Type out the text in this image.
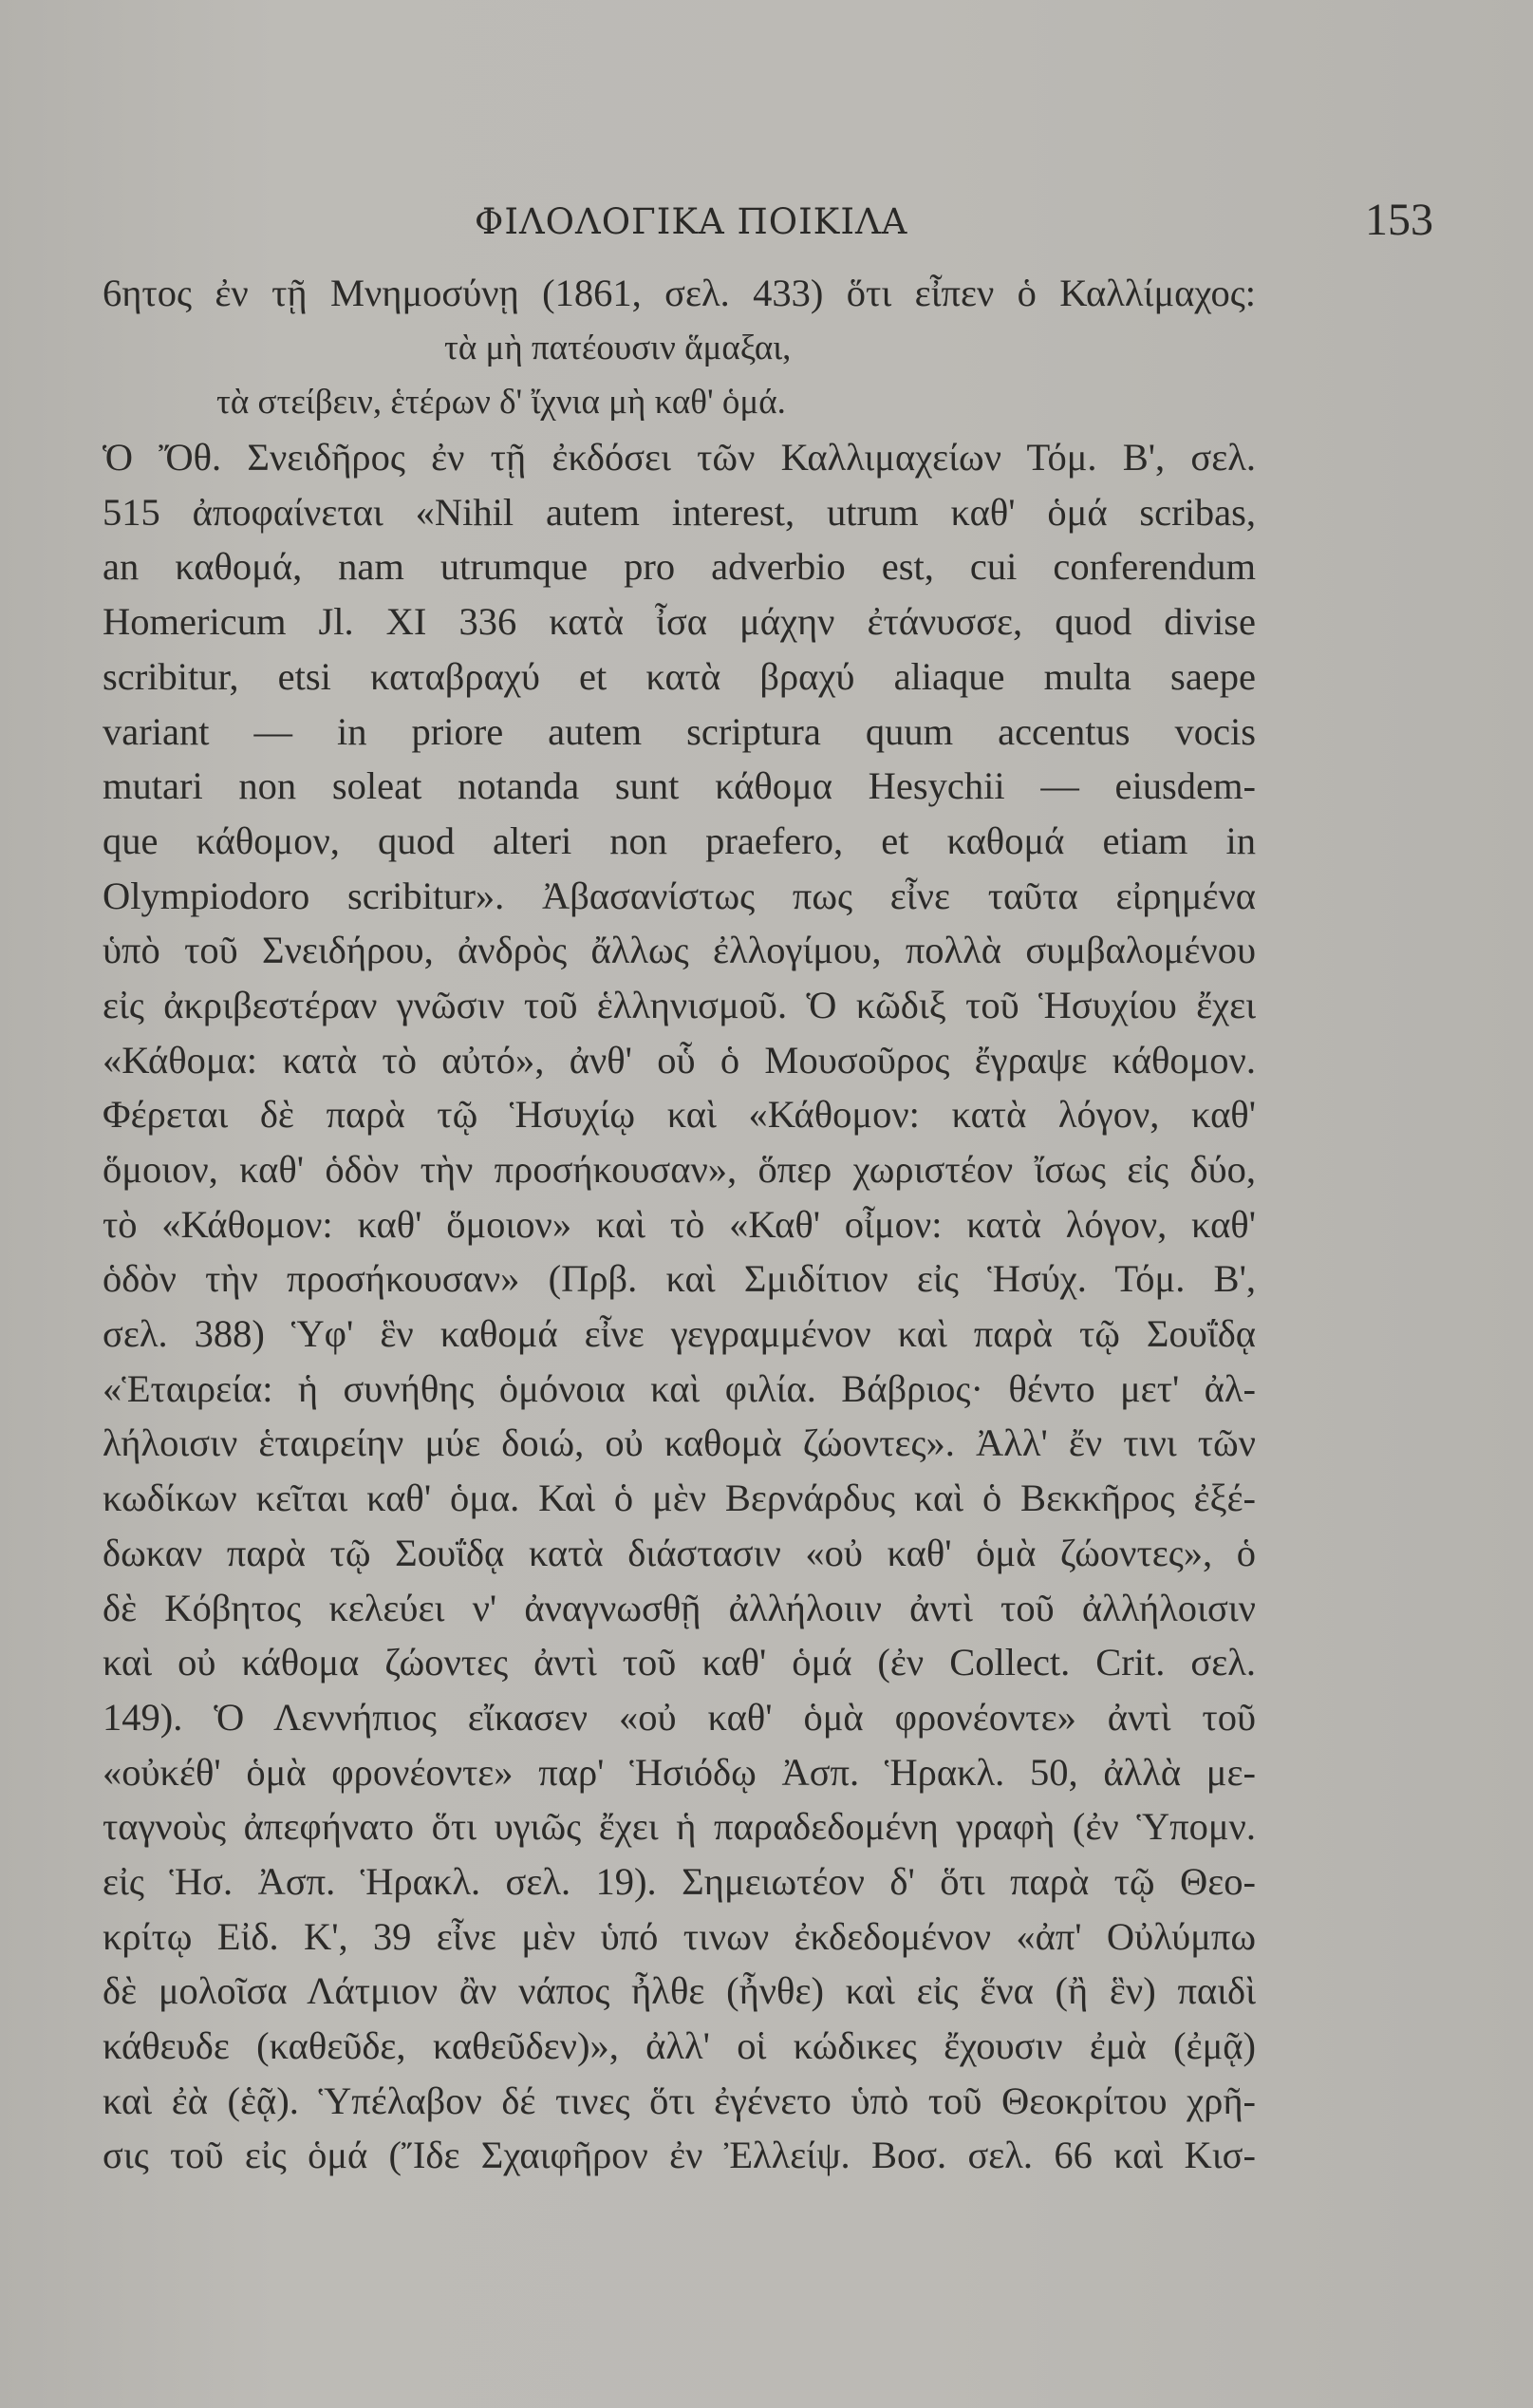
ΦΙΛΟΛΟΓΙΚΑ ΠΟΙΚΙΛΑ	153
6ητος ἐν τῇ Μνημοσύνῃ (1861, σελ. 433) ὅτι εἶπεν ὁ Καλλίμαχος:
τὰ μὴ πατέουσιν ἅμαξαι,
τὰ στείβειν, ἑτέρων δ' ἴχνια μὴ καθ' ὁμά.
Ὁ Ὄθ. Σνειδῆρος ἐν τῇ ἐκδόσει τῶν Καλλιμαχείων Τόμ. Β', σελ.
515 ἀποφαίνεται «Nihil autem interest, utrum καθ' ὁμά scribas,
an καθομά, nam utrumque pro adverbio est, cui conferendum
Homericum Jl. XI 336 κατὰ ἶσα μάχην ἐτάνυσσε, quod divise
scribitur, etsi καταβραχύ et κατὰ βραχύ aliaque multa saepe
variant — in priore autem scriptura quum accentus vocis
mutari non soleat notanda sunt κάθομα Hesychii — eiusdem-
que κάθομον, quod alteri non praefero, et καθομά etiam in
Olympiodoro scribitur». Ἀβασανίστως πως εἶνε ταῦτα εἰρημένα
ὑπὸ τοῦ Σνειδήρου, ἀνδρὸς ἄλλως ἐλλογίμου, πολλὰ συμβαλομένου
εἰς ἀκριβεστέραν γνῶσιν τοῦ ἑλληνισμοῦ. Ὁ κῶδιξ τοῦ Ἡσυχίου ἔχει
«Κάθομα: κατὰ τὸ αὐτό», ἀνθ' οὗ ὁ Μουσοῦρος ἔγραψε κάθομον.
Φέρεται δὲ παρὰ τῷ Ἡσυχίῳ καὶ «Κάθομον: κατὰ λόγον, καθ'
ὅμοιον, καθ' ὁδὸν τὴν προσήκουσαν», ὅπερ χωριστέον ἴσως εἰς δύο,
τὸ «Κάθομον: καθ' ὅμοιον» καὶ τὸ «Καθ' οἶμον: κατὰ λόγον, καθ'
ὁδὸν τὴν προσήκουσαν» (Πρβ. καὶ Σμιδίτιον εἰς Ἡσύχ. Τόμ. Β',
σελ. 388) Ὑφ' ἓν καθομά εἶνε γεγραμμένον καὶ παρὰ τῷ Σουΐδᾳ
«Ἑταιρεία: ἡ συνήθης ὁμόνοια καὶ φιλία. Βάβριος· θέντο μετ' ἀλ-
λήλοισιν ἑταιρείην μύε δοιώ, οὐ καθομὰ ζώοντες». Ἀλλ' ἔν τινι τῶν
κωδίκων κεῖται καθ' ὁμα. Καὶ ὁ μὲν Βερνάρδυς καὶ ὁ Βεκκῆρος ἐξέ-
δωκαν παρὰ τῷ Σουΐδᾳ κατὰ διάστασιν «οὐ καθ' ὁμὰ ζώοντες», ὁ
δὲ Κόβητος κελεύει ν' ἀναγνωσθῇ ἀλλήλοιιν ἀντὶ τοῦ ἀλλήλοισιν
καὶ οὐ κάθομα ζώοντες ἀντὶ τοῦ καθ' ὁμά (ἐν Collect. Crit. σελ.
149). Ὁ Λεννήπιος εἴκασεν «οὐ καθ' ὁμὰ φρονέοντε» ἀντὶ τοῦ
«οὐκέθ' ὁμὰ φρονέοντε» παρ' Ἡσιόδῳ Ἀσπ. Ἡρακλ. 50, ἀλλὰ με-
ταγνοὺς ἀπεφήνατο ὅτι υγιῶς ἔχει ἡ παραδεδομένη γραφὴ (ἐν Ὑπομν.
εἰς Ἡσ. Ἀσπ. Ἡρακλ. σελ. 19). Σημειωτέον δ' ὅτι παρὰ τῷ Θεο-
κρίτῳ Εἰδ. Κ', 39 εἶνε μὲν ὑπό τινων ἐκδεδομένον «ἀπ' Οὐλύμπω
δὲ μολοῖσα Λάτμιον ἂν νάπος ἦλθε (ἦνθε) καὶ εἰς ἕνα (ἢ ἓν) παιδὶ
κάθευδε (καθεῦδε, καθεῦδεν)», ἀλλ' οἱ κώδικες ἔχουσιν ἐμὰ (ἐμᾷ)
καὶ ἐὰ (ἑᾷ). Ὑπέλαβον δέ τινες ὅτι ἐγένετο ὑπὸ τοῦ Θεοκρίτου χρῆ-
σις τοῦ εἰς ὁμά (Ἴδε Σχαιφῆρον ἐν Ἐλλείψ. Βοσ. σελ. 66 καὶ Κισ-
